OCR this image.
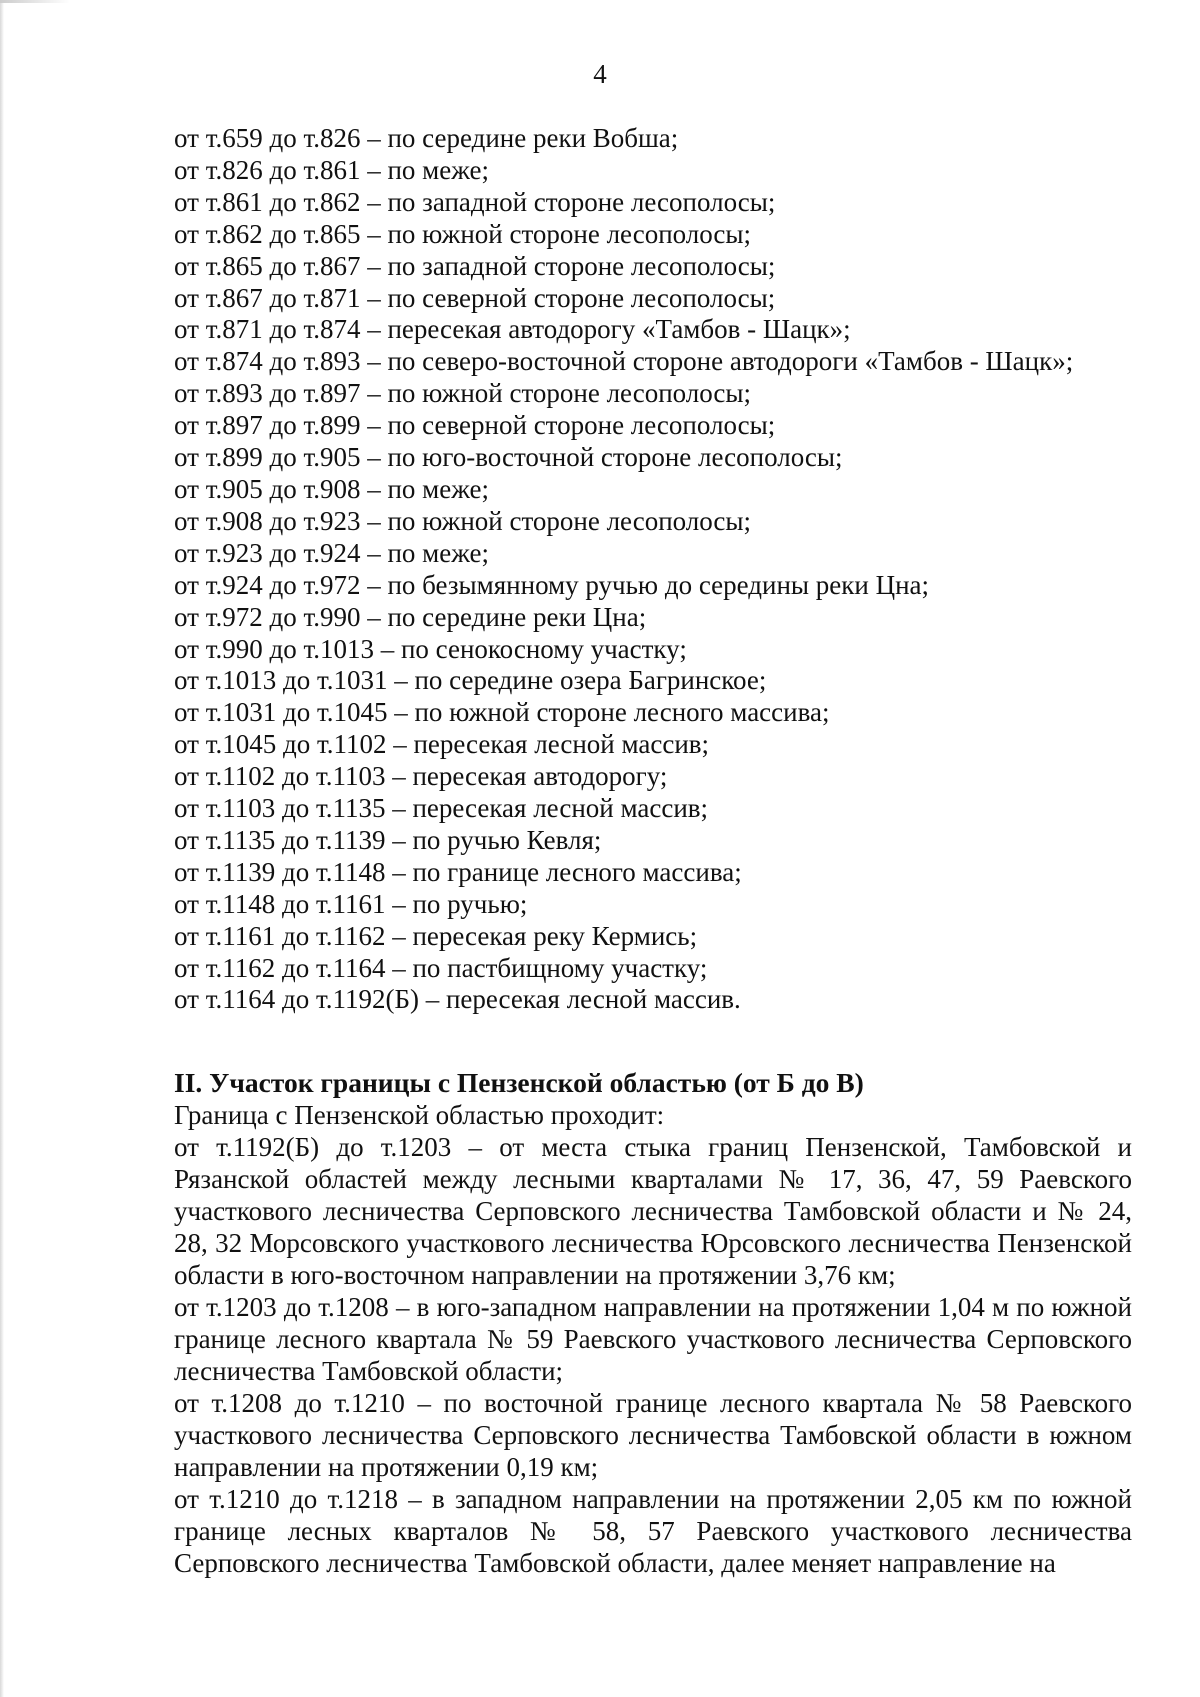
4
от т.659 до т.826 – по середине реки Вобша;
от т.826 до т.861 – по меже;
от т.861 до т.862 – по западной стороне лесополосы;
от т.862 до т.865 – по южной стороне лесополосы;
от т.865 до т.867 – по западной стороне лесополосы;
от т.867 до т.871 – по северной стороне лесополосы;
от т.871 до т.874 – пересекая автодорогу «Тамбов - Шацк»;
от т.874 до т.893 – по северо-восточной стороне автодороги «Тамбов - Шацк»;
от т.893 до т.897 – по южной стороне лесополосы;
от т.897 до т.899 – по северной стороне лесополосы;
от т.899 до т.905 – по юго-восточной стороне лесополосы;
от т.905 до т.908 – по меже;
от т.908 до т.923 – по южной стороне лесополосы;
от т.923 до т.924 – по меже;
от т.924 до т.972 – по безымянному ручью до середины реки Цна;
от т.972 до т.990 – по середине реки Цна;
от т.990 до т.1013 – по сенокосному участку;
от т.1013 до т.1031 – по середине озера Багринское;
от т.1031 до т.1045 – по южной стороне лесного массива;
от т.1045 до т.1102 – пересекая лесной массив;
от т.1102 до т.1103 – пересекая автодорогу;
от т.1103 до т.1135 – пересекая лесной массив;
от т.1135 до т.1139 – по ручью Кевля;
от т.1139 до т.1148 – по границе лесного массива;
от т.1148 до т.1161 – по ручью;
от т.1161 до т.1162 – пересекая реку Кермись;
от т.1162 до т.1164 – по пастбищному участку;
от т.1164 до т.1192(Б) – пересекая лесной массив.
II. Участок границы с Пензенской областью (от Б до В)
Граница с Пензенской областью проходит:
от т.1192(Б) до т.1203 – от места стыка границ Пензенской, Тамбовской и Рязанской областей между лесными кварталами № 17, 36, 47, 59 Раевского участкового лесничества Серповского лесничества Тамбовской области и № 24, 28, 32 Морсовского участкового лесничества Юрсовского лесничества Пензенской области в юго-восточном направлении на протяжении 3,76 км;
от т.1203 до т.1208 – в юго-западном направлении на протяжении 1,04 м по южной границе лесного квартала № 59 Раевского участкового лесничества Серповского лесничества Тамбовской области;
от т.1208 до т.1210 – по восточной границе лесного квартала № 58 Раевского участкового лесничества Серповского лесничества Тамбовской области в южном направлении на протяжении 0,19 км;
от т.1210 до т.1218 – в западном направлении на протяжении 2,05 км по южной границе лесных кварталов № 58, 57 Раевского участкового лесничества Серповского лесничества Тамбовской области, далее меняет направление на
